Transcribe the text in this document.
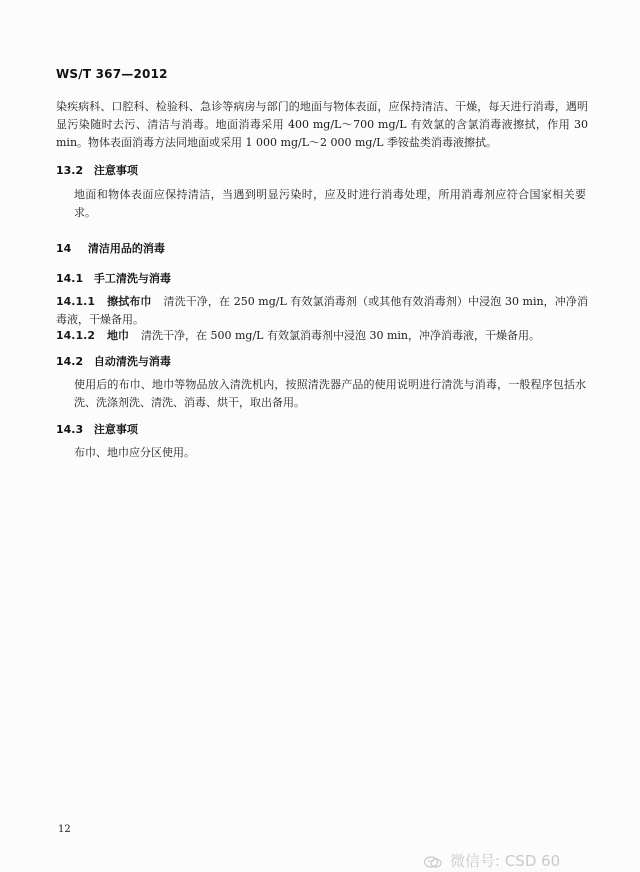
WS/T 367—2012
染疾病科、口腔科、检验科、急诊等病房与部门的地面与物体表面，应保持清洁、干燥，每天进行消毒，遇明显污染随时去污、清洁与消毒。地面消毒采用 400 mg/L～700 mg/L 有效氯的含氯消毒液擦拭，作用 30 min。物体表面消毒方法同地面或采用 1 000 mg/L～2 000 mg/L 季铵盐类消毒液擦拭。
13.2 注意事项
地面和物体表面应保持清洁，当遇到明显污染时，应及时进行消毒处理，所用消毒剂应符合国家相关要求。
14 清洁用品的消毒
14.1 手工清洗与消毒
14.1.1 擦拭布巾 清洗干净，在 250 mg/L 有效氯消毒剂（或其他有效消毒剂）中浸泡 30 min，冲净消毒液，干燥备用。
14.1.2 地巾 清洗干净，在 500 mg/L 有效氯消毒剂中浸泡 30 min，冲净消毒液，干燥备用。
14.2 自动清洗与消毒
使用后的布巾、地巾等物品放入清洗机内，按照清洗器产品的使用说明进行清洗与消毒，一般程序包括水洗、洗涤剂洗、清洗、消毒、烘干，取出备用。
14.3 注意事项
布巾、地巾应分区使用。
12
微信号: CSD 60
